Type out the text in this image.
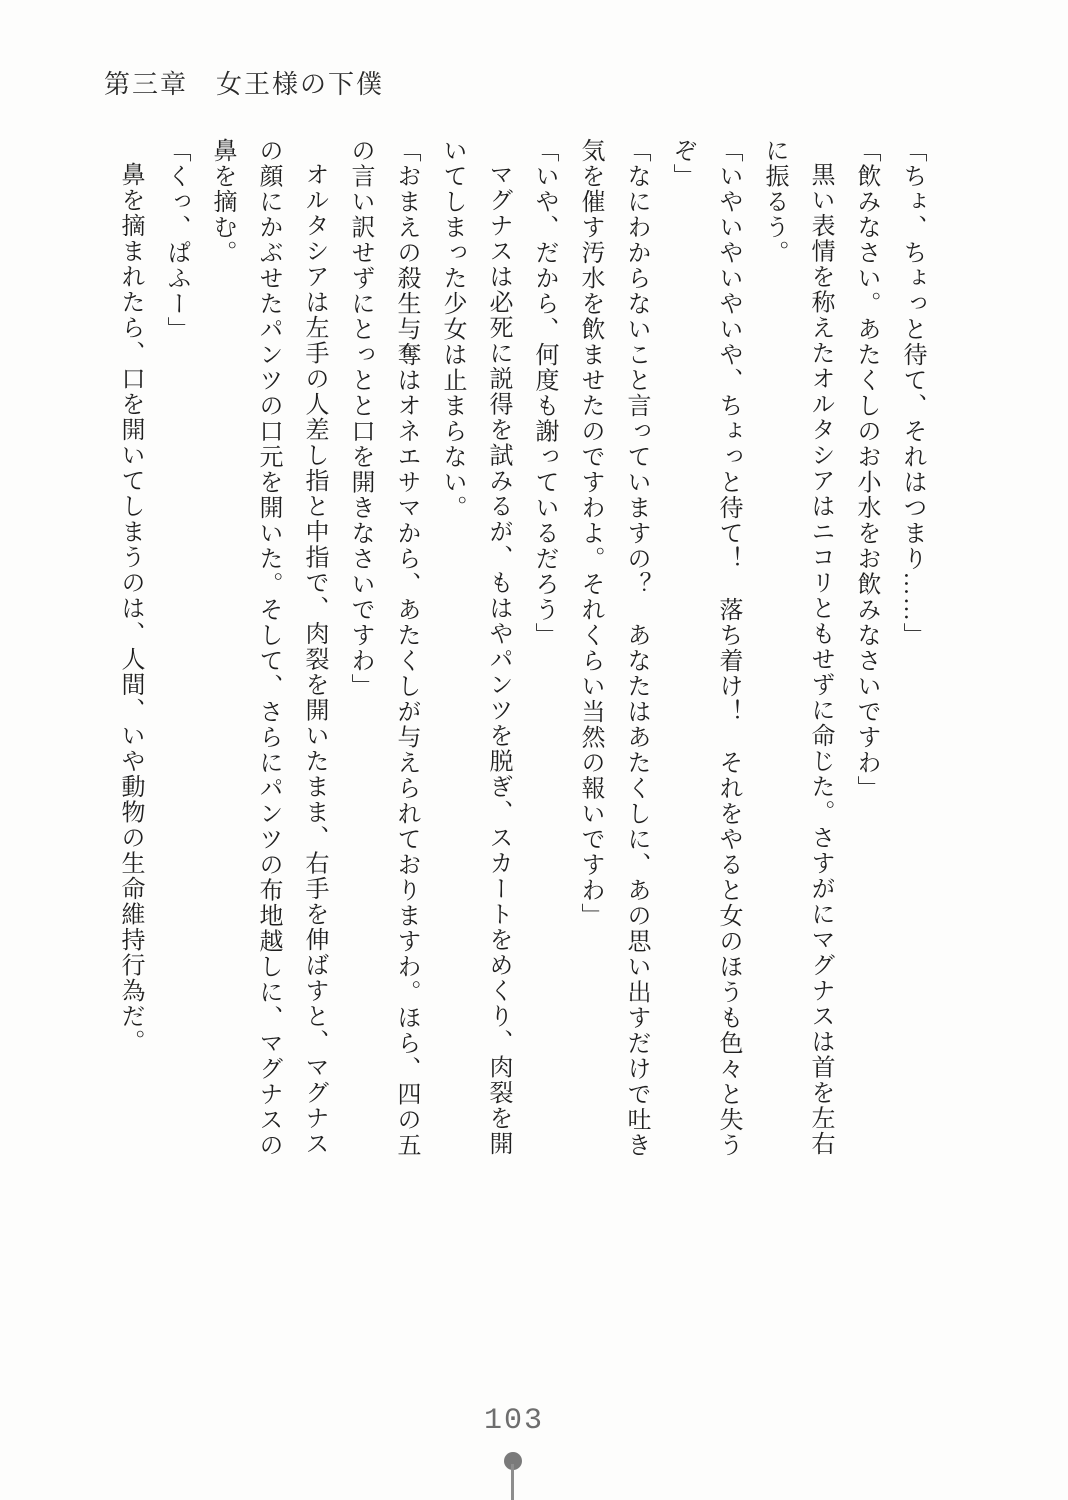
第三章　女王様の下僕

「ちょ、ちょっと待て、それはつまり……」

「飲みなさい。あたくしのお小水をお飲みなさいですわ」

黒い表情を称えたオルタシアはニコリともせずに命じた。さすがにマグナスは首を左右に振るう。

「いやいやいやいや、ちょっと待て！　落ち着け！　それをやると女のほうも色々と失うぞ」

「なにわからないこと言っていますの？　あなたはあたくしに、あの思い出すだけで吐き気を催す汚水を飲ませたのですわよ。それくらい当然の報いですわ」

「いや、だから、何度も謝っているだろう」

マグナスは必死に説得を試みるが、もはやパンツを脱ぎ、スカートをめくり、肉裂を開いてしまった少女は止まらない。

「おまえの殺生与奪はオネエサマから、あたくしが与えられておりますわ。ほら、四の五の言い訳せずにとっとと口を開きなさいですわ」

オルタシアは左手の人差し指と中指で、肉裂を開いたまま、右手を伸ばすと、マグナスの顔にかぶせたパンツの口元を開いた。そして、さらにパンツの布地越しに、マグナスの鼻を摘む。

「くっ、ぱふー」

鼻を摘まれたら、口を開いてしまうのは、人間、いや動物の生命維持行為だ。

103
